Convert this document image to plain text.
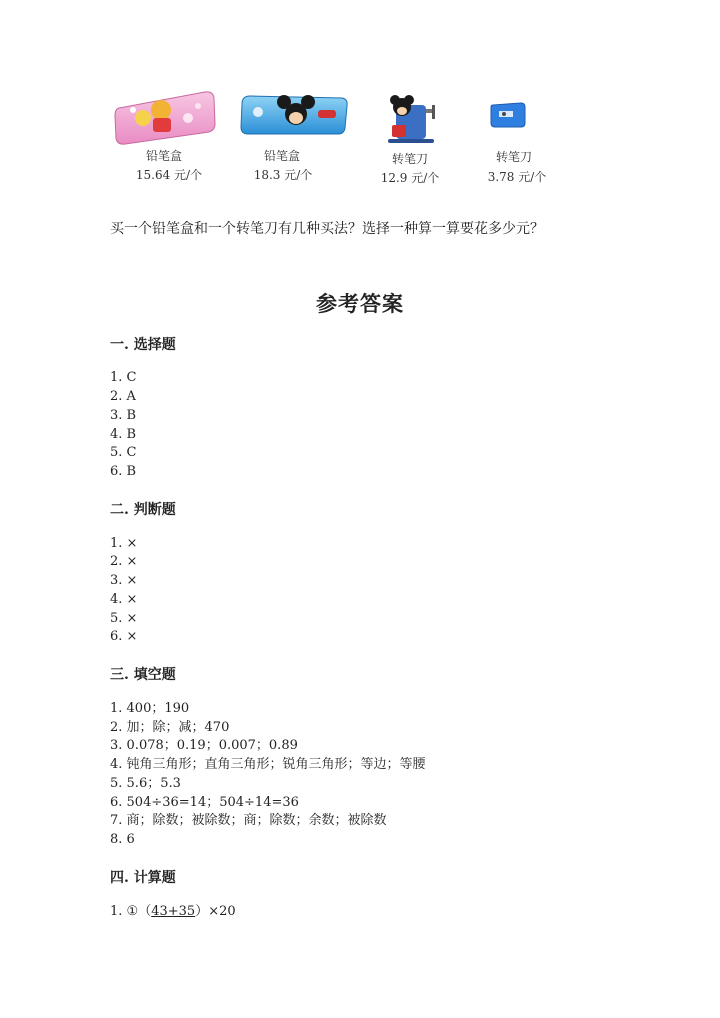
铅笔盒
15.64 元/个
铅笔盒
18.3 元/个
转笔刀
12.9 元/个
转笔刀
3.78 元/个
买一个铅笔盒和一个转笔刀有几种买法？选择一种算一算要花多少元？
参考答案
一. 选择题
1. C
2. A
3. B
4. B
5. C
6. B
二. 判断题
1. ×
2. ×
3. ×
4. ×
5. ×
6. ×
三. 填空题
1. 400；190
2. 加；除；减；470
3. 0.078；0.19；0.007；0.89
4. 钝角三角形；直角三角形；锐角三角形；等边；等腰
5. 5.6；5.3
6. 504÷36=14；504÷14=36
7. 商；除数；被除数；商；除数；余数；被除数
8. 6
四. 计算题
1. ①（43+35）×20
